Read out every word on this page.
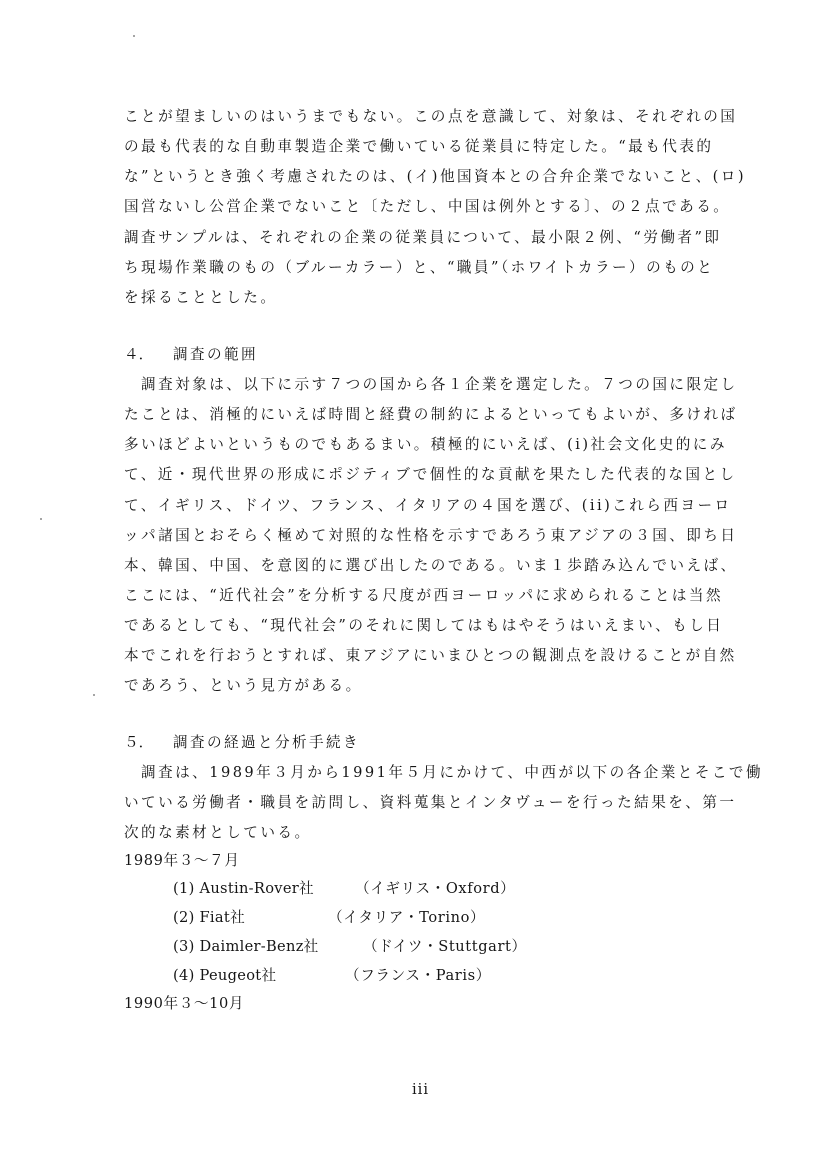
ことが望ましいのはいうまでもない。この点を意識して、対象は、それぞれの国
の最も代表的な自動車製造企業で働いている従業員に特定した。“最も代表的
な”というとき強く考慮されたのは、(イ)他国資本との合弁企業でないこと、(ロ)
国営ないし公営企業でないこと〔ただし、中国は例外とする〕、の２点である。
調査サンプルは、それぞれの企業の従業員について、最小限２例、“労働者”即
ち現場作業職のもの（ブルーカラー）と、“職員”（ホワイトカラー）のものと
を採ることとした。
４． 調査の範囲
　調査対象は、以下に示す７つの国から各１企業を選定した。７つの国に限定し
たことは、消極的にいえば時間と経費の制約によるといってもよいが、多ければ
多いほどよいというものでもあるまい。積極的にいえば、(i)社会文化史的にみ
て、近・現代世界の形成にポジティブで個性的な貢献を果たした代表的な国とし
て、イギリス、ドイツ、フランス、イタリアの４国を選び、(ii)これら西ヨーロ
ッパ諸国とおそらく極めて対照的な性格を示すであろう東アジアの３国、即ち日
本、韓国、中国、を意図的に選び出したのである。いま１歩踏み込んでいえば、
ここには、“近代社会”を分析する尺度が西ヨーロッパに求められることは当然
であるとしても、“現代社会”のそれに関してはもはやそうはいえまい、もし日
本でこれを行おうとすれば、東アジアにいまひとつの観測点を設けることが自然
であろう、という見方がある。
５． 調査の経過と分析手続き
　調査は、1989年３月から1991年５月にかけて、中西が以下の各企業とそこで働
いている労働者・職員を訪問し、資料蒐集とインタヴューを行った結果を、第一
次的な素材としている。
1989年３～７月
(1) Austin-Rover社	（イギリス・Oxford）
(2) Fiat社	（イタリア・Torino）
(3) Daimler-Benz社	（ドイツ・Stuttgart）
(4) Peugeot社	（フランス・Paris）
1990年３～10月
iii
